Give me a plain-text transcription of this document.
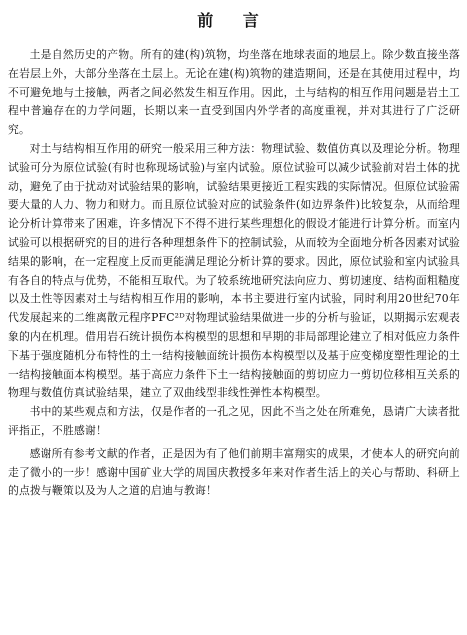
前 言

土是自然历史的产物。所有的建(构)筑物，均坐落在地球表面的地层上。除少数直接坐落在岩层上外，大部分坐落在土层上。无论在建(构)筑物的建造期间，还是在其使用过程中，均不可避免地与土接触，两者之间必然发生相互作用。因此，土与结构的相互作用问题是岩土工程中普遍存在的力学问题，长期以来一直受到国内外学者的高度重视，并对其进行了广泛研究。

对土与结构相互作用的研究一般采用三种方法：物理试验、数值仿真以及理论分析。物理试验可分为原位试验(有时也称现场试验)与室内试验。原位试验可以减少试验前对岩土体的扰动，避免了由于扰动对试验结果的影响，试验结果更接近工程实践的实际情况。但原位试验需要大量的人力、物力和财力。而且原位试验对应的试验条件(如边界条件)比较复杂，从而给理论分析计算带来了困难，许多情况下不得不进行某些理想化的假设才能进行计算分析。而室内试验可以根据研究的目的进行各种理想条件下的控制试验，从而较为全面地分析各因素对试验结果的影响，在一定程度上反而更能满足理论分析计算的要求。因此，原位试验和室内试验具有各自的特点与优势，不能相互取代。为了较系统地研究法向应力、剪切速度、结构面粗糙度以及土性等因素对土与结构相互作用的影响，本书主要进行室内试验，同时利用20世纪70年代发展起来的二维离散元程序PFC²ᴰ对物理试验结果做进一步的分析与验证，以期揭示宏观表象的内在机理。借用岩石统计损伤本构模型的思想和早期的非局部理论建立了相对低应力条件下基于强度随机分布特性的土一结构接触面统计损伤本构模型以及基于应变梯度塑性理论的土一结构接触面本构模型。基于高应力条件下土一结构接触面的剪切应力一剪切位移相互关系的物理与数值仿真试验结果，建立了双曲线型非线性弹性本构模型。

书中的某些观点和方法，仅是作者的一孔之见，因此不当之处在所难免，恳请广大读者批评指正，不胜感谢！

感谢所有参考文献的作者，正是因为有了他们前期丰富翔实的成果，才使本人的研究向前走了微小的一步！感谢中国矿业大学的周国庆教授多年来对作者生活上的关心与帮助、科研上的点拨与鞭策以及为人之道的启迪与教诲！
